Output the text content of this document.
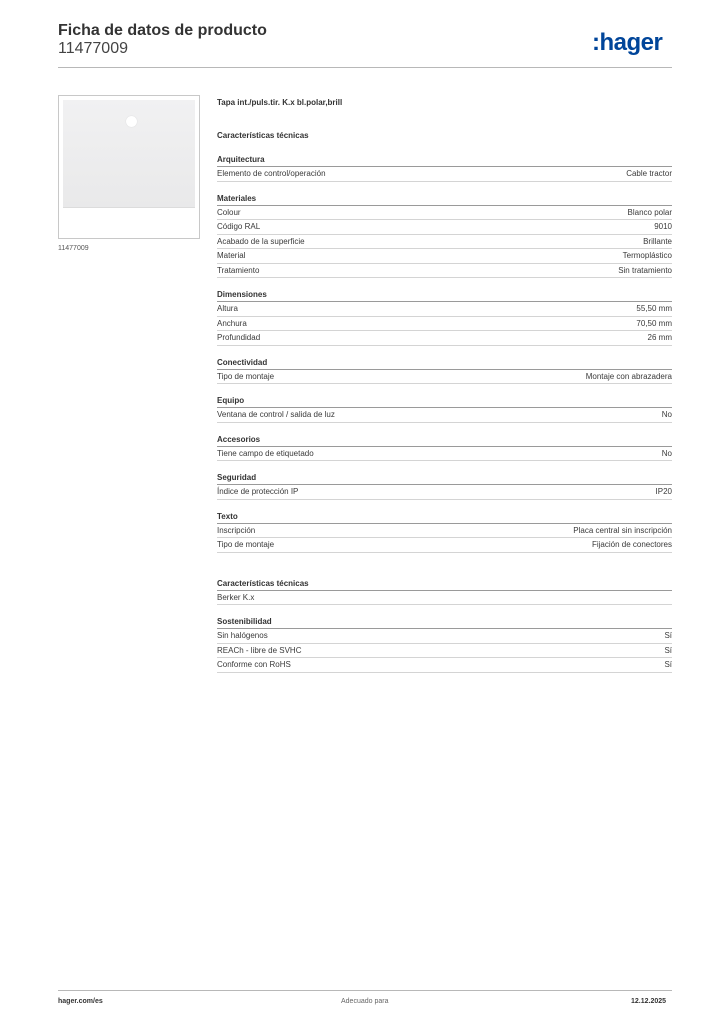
Ficha de datos de producto
11477009	:hager
11477009
Tapa int./puls.tir. K.x bl.polar,brill
Características técnicas
Arquitectura
Elemento de control/operación	Cable tractor
Materiales
Colour	Blanco polar
Código RAL	9010
Acabado de la superficie	Brillante
Material	Termoplástico
Tratamiento	Sin tratamiento
Dimensiones
Altura	55,50 mm
Anchura	70,50 mm
Profundidad	26 mm
Conectividad
Tipo de montaje	Montaje con abrazadera
Equipo
Ventana de control / salida de luz	No
Accesorios
Tiene campo de etiquetado	No
Seguridad
Índice de protección IP	IP20
Texto
Inscripción	Placa central sin inscripción
Tipo de montaje	Fijación de conectores
Características técnicas
Berker K.x
Sostenibilidad
Sin halógenos	Sí
REACh - libre de SVHC	Sí
Conforme con RoHS	Sí
hager.com/es	Adecuado para	12.12.2025
